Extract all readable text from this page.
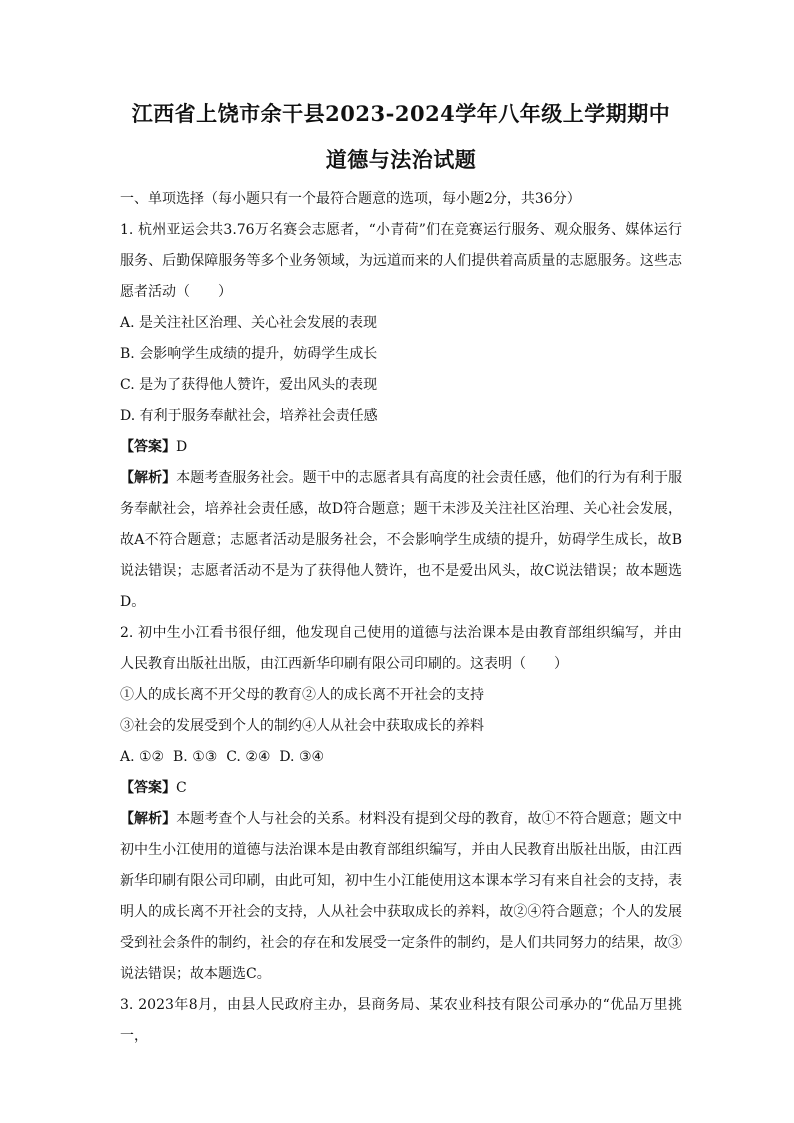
江西省上饶市余干县2023-2024学年八年级上学期期中
道德与法治试题

一、单项选择（每小题只有一个最符合题意的选项，每小题2分，共36分）

1. 杭州亚运会共3.76万名赛会志愿者，“小青荷”们在竞赛运行服务、观众服务、媒体运行服务、后勤保障服务等多个业务领域，为远道而来的人们提供着高质量的志愿服务。这些志愿者活动（　　）

A. 是关注社区治理、关心社会发展的表现

B. 会影响学生成绩的提升，妨碍学生成长

C. 是为了获得他人赞许，爱出风头的表现

D. 有利于服务奉献社会，培养社会责任感

【答案】D

【解析】本题考查服务社会。题干中的志愿者具有高度的社会责任感，他们的行为有利于服务奉献社会，培养社会责任感，故D符合题意；题干未涉及关注社区治理、关心社会发展，故A不符合题意；志愿者活动是服务社会，不会影响学生成绩的提升，妨碍学生成长，故B说法错误；志愿者活动不是为了获得他人赞许，也不是爱出风头，故C说法错误；故本题选D。

2. 初中生小江看书很仔细，他发现自己使用的道德与法治课本是由教育部组织编写，并由人民教育出版社出版，由江西新华印刷有限公司印刷的。这表明（　　）

①人的成长离不开父母的教育②人的成长离不开社会的支持

③社会的发展受到个人的制约④人从社会中获取成长的养料

A. ①②  B. ①③  C. ②④  D. ③④

【答案】C

【解析】本题考查个人与社会的关系。材料没有提到父母的教育，故①不符合题意；题文中初中生小江使用的道德与法治课本是由教育部组织编写，并由人民教育出版社出版，由江西新华印刷有限公司印刷，由此可知，初中生小江能使用这本课本学习有来自社会的支持，表明人的成长离不开社会的支持，人从社会中获取成长的养料，故②④符合题意；个人的发展受到社会条件的制约，社会的存在和发展受一定条件的制约，是人们共同努力的结果，故③说法错误；故本题选C。

3. 2023年8月，由县人民政府主办，县商务局、某农业科技有限公司承办的“优品万里挑一，
